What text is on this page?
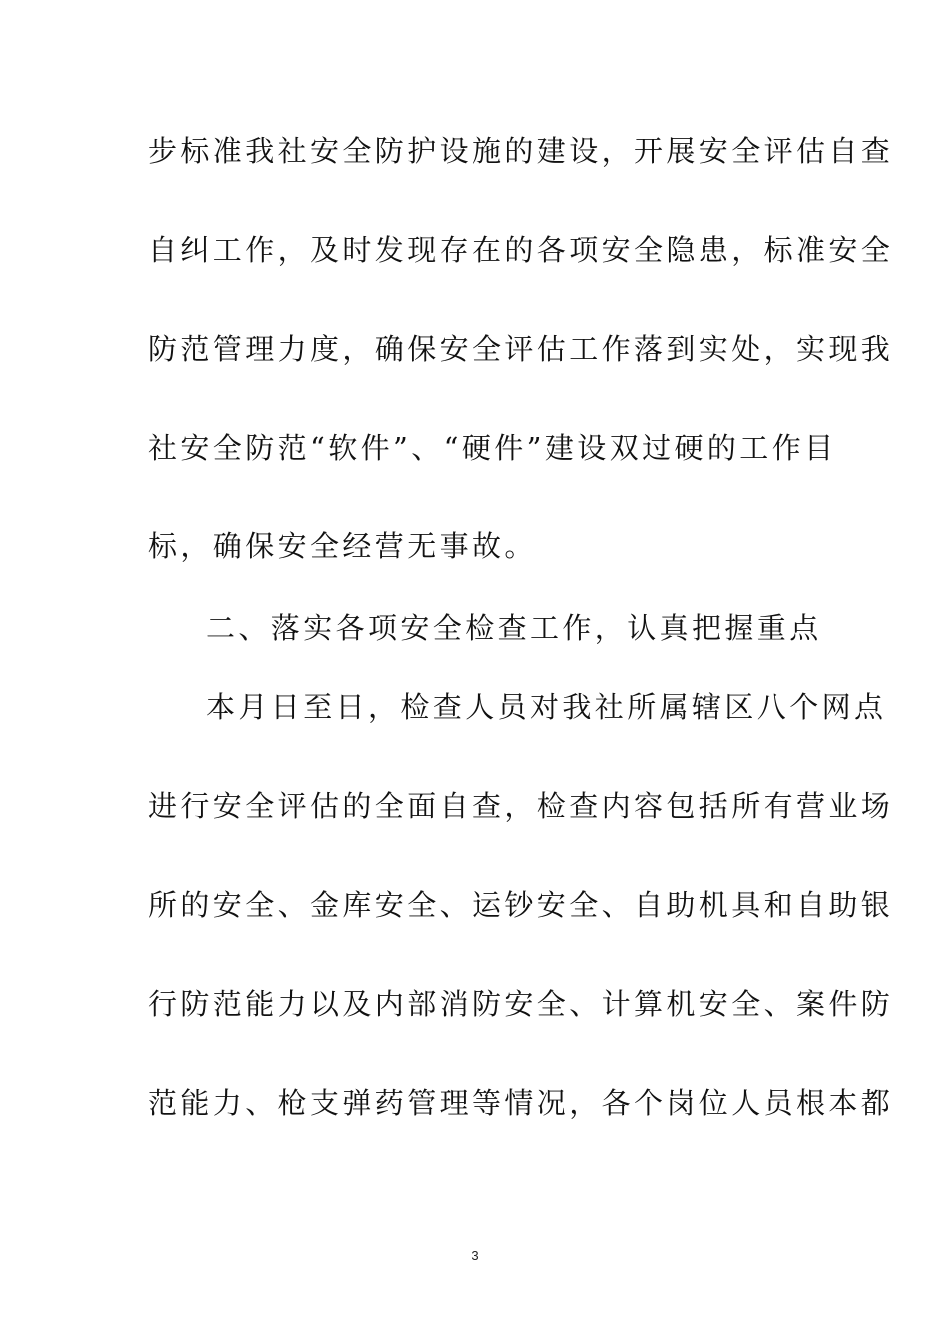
步标准我社安全防护设施的建设，开展安全评估自查

自纠工作，及时发现存在的各项安全隐患，标准安全

防范管理力度，确保安全评估工作落到实处，实现我

社安全防范“软件”、“硬件”建设双过硬的工作目

标，确保安全经营无事故。

二、落实各项安全检查工作，认真把握重点

本月日至日，检查人员对我社所属辖区八个网点

进行安全评估的全面自查，检查内容包括所有营业场

所的安全、金库安全、运钞安全、自助机具和自助银

行防范能力以及内部消防安全、计算机安全、案件防

范能力、枪支弹药管理等情况，各个岗位人员根本都

3
